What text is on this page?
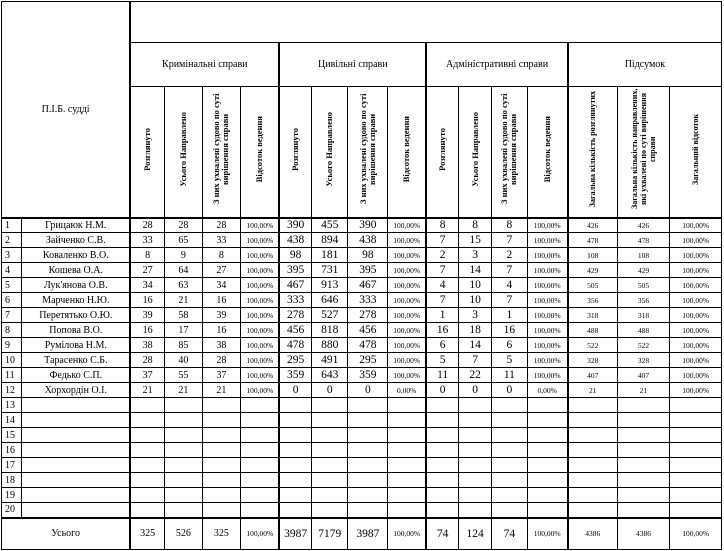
П.І.Б. судді																
		Кримінальні справи				Цивільні справи				Адміністративні справи				Підсумок		
		Розглянуто	Усього Направлено	З них ухвалені судово по суті вирішення справи	Відсоток ведення	Розглянуто	Усього Направлено	З них ухвалені судово по суті вирішення справи	Відсоток ведення	Розглянуто	Усього Направлено	З них ухвалені судово по суті вирішення справи	Відсоток ведення	Загальна кількість розглянутих	Загальна кількість направлених, які ухвалені по суті вирішення справи	Загальний відсоток
1	Грицаюк Н.М.	28	28	28	100,00%	390	455	390	100,00%	8	8	8	100,00%	426	426	100,00%
2	Зайченко С.В.	33	65	33	100,00%	438	894	438	100,00%	7	15	7	100,00%	478	478	100,00%
3	Коваленко В.О.	8	9	8	100,00%	98	181	98	100,00%	2	3	2	100,00%	108	108	100,00%
4	Кошева О.А.	27	64	27	100,00%	395	731	395	100,00%	7	14	7	100,00%	429	429	100,00%
5	Лук'янова О.В.	34	63	34	100,00%	467	913	467	100,00%	4	10	4	100,00%	505	505	100,00%
6	Марченко Н.Ю.	16	21	16	100,00%	333	646	333	100,00%	7	10	7	100,00%	356	356	100,00%
7	Перетятько О.Ю.	39	58	39	100,00%	278	527	278	100,00%	1	3	1	100,00%	318	318	100,00%
8	Попова В.О.	16	17	16	100,00%	456	818	456	100,00%	16	18	16	100,00%	488	488	100,00%
9	Румілова Н.М.	38	85	38	100,00%	478	880	478	100,00%	6	14	6	100,00%	522	522	100,00%
10	Тарасенко С.Б.	28	40	28	100,00%	295	491	295	100,00%	5	7	5	100,00%	328	328	100,00%
11	Федько С.П.	37	55	37	100,00%	359	643	359	100,00%	11	22	11	100,00%	407	407	100,00%
12	Хорхордін О.І.	21	21	21	100,00%	0	0	0	0,00%	0	0	0	0,00%	21	21	100,00%
13																
14																
15																
16																
17																
18																
19																
20																
Усього		325	526	325	100,00%	3987	7179	3987	100,00%	74	124	74	100,00%	4386	4386	100,00%
